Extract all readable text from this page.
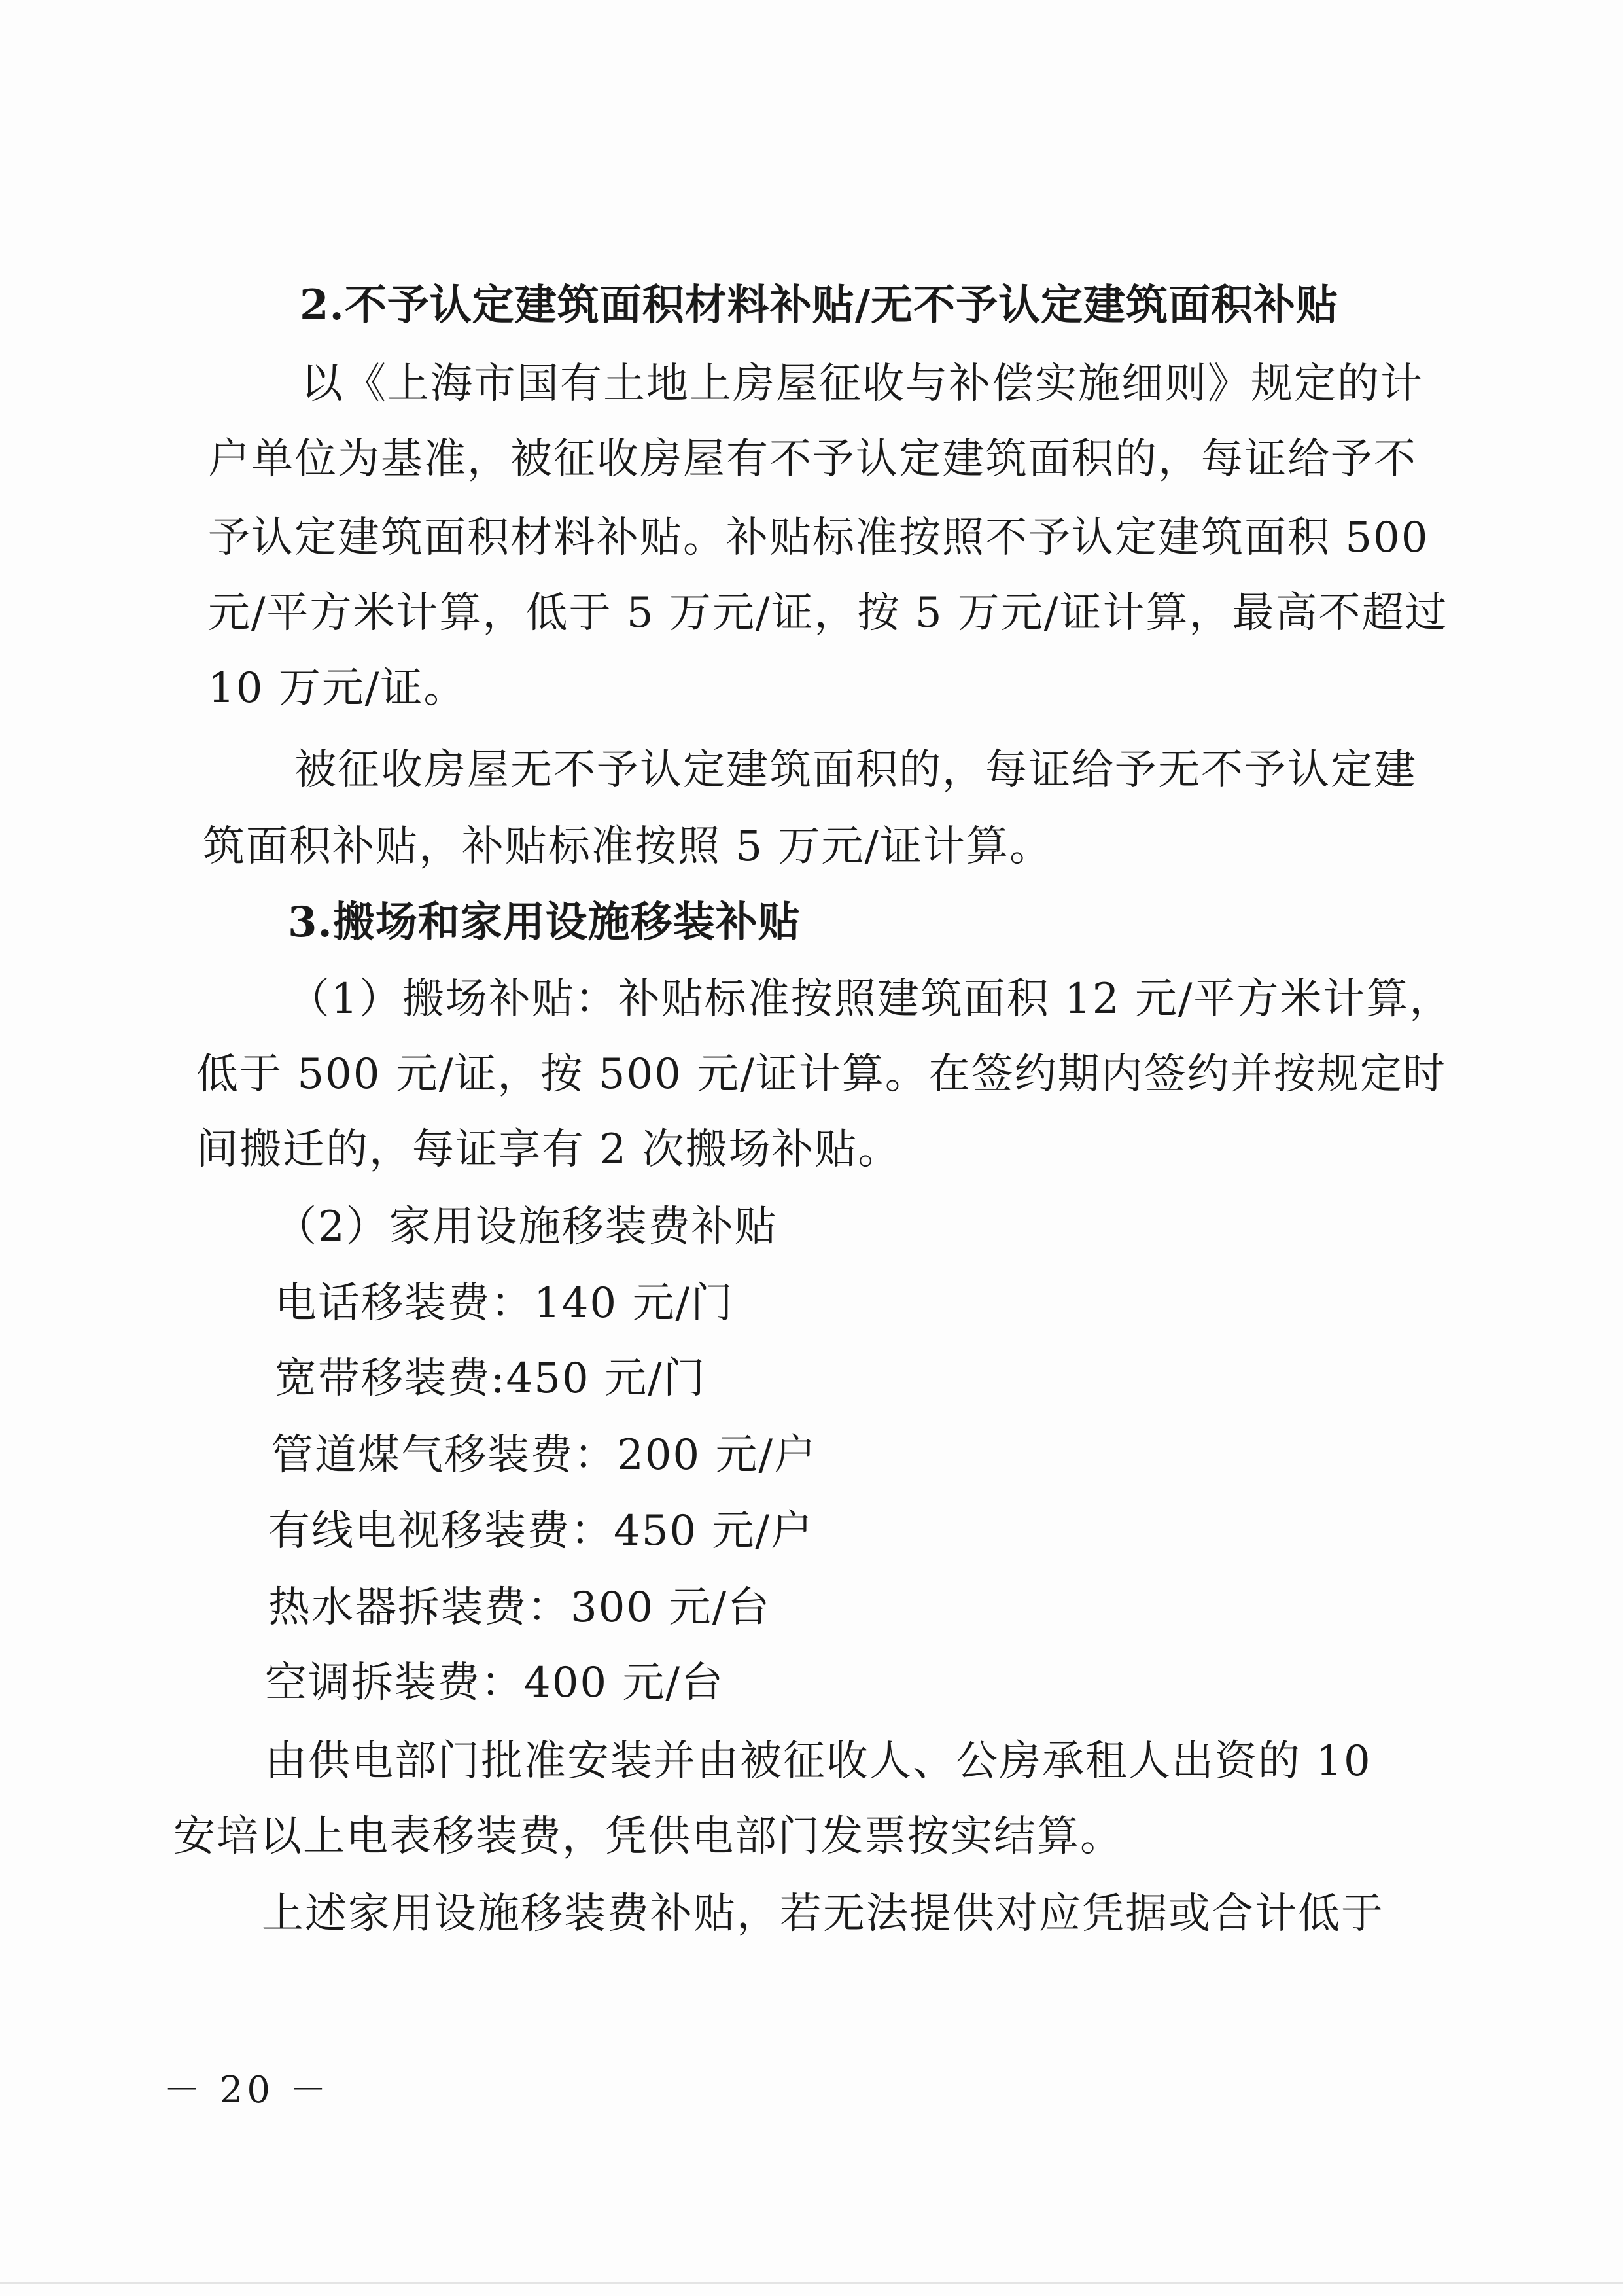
2.不予认定建筑面积材料补贴/无不予认定建筑面积补贴
以《上海市国有土地上房屋征收与补偿实施细则》规定的计
户单位为基准，被征收房屋有不予认定建筑面积的，每证给予不
予认定建筑面积材料补贴。补贴标准按照不予认定建筑面积 500
元/平方米计算，低于 5 万元/证，按 5 万元/证计算，最高不超过
10 万元/证。
被征收房屋无不予认定建筑面积的，每证给予无不予认定建
筑面积补贴，补贴标准按照 5 万元/证计算。
3.搬场和家用设施移装补贴
（1）搬场补贴：补贴标准按照建筑面积 12 元/平方米计算，
低于 500 元/证，按 500 元/证计算。在签约期内签约并按规定时
间搬迁的，每证享有 2 次搬场补贴。
（2）家用设施移装费补贴
电话移装费：140 元/门
宽带移装费:450 元/门
管道煤气移装费：200 元/户
有线电视移装费：450 元/户
热水器拆装费：300 元/台
空调拆装费：400 元/台
由供电部门批准安装并由被征收人、公房承租人出资的 10
安培以上电表移装费，凭供电部门发票按实结算。
上述家用设施移装费补贴，若无法提供对应凭据或合计低于
－ 20 －
